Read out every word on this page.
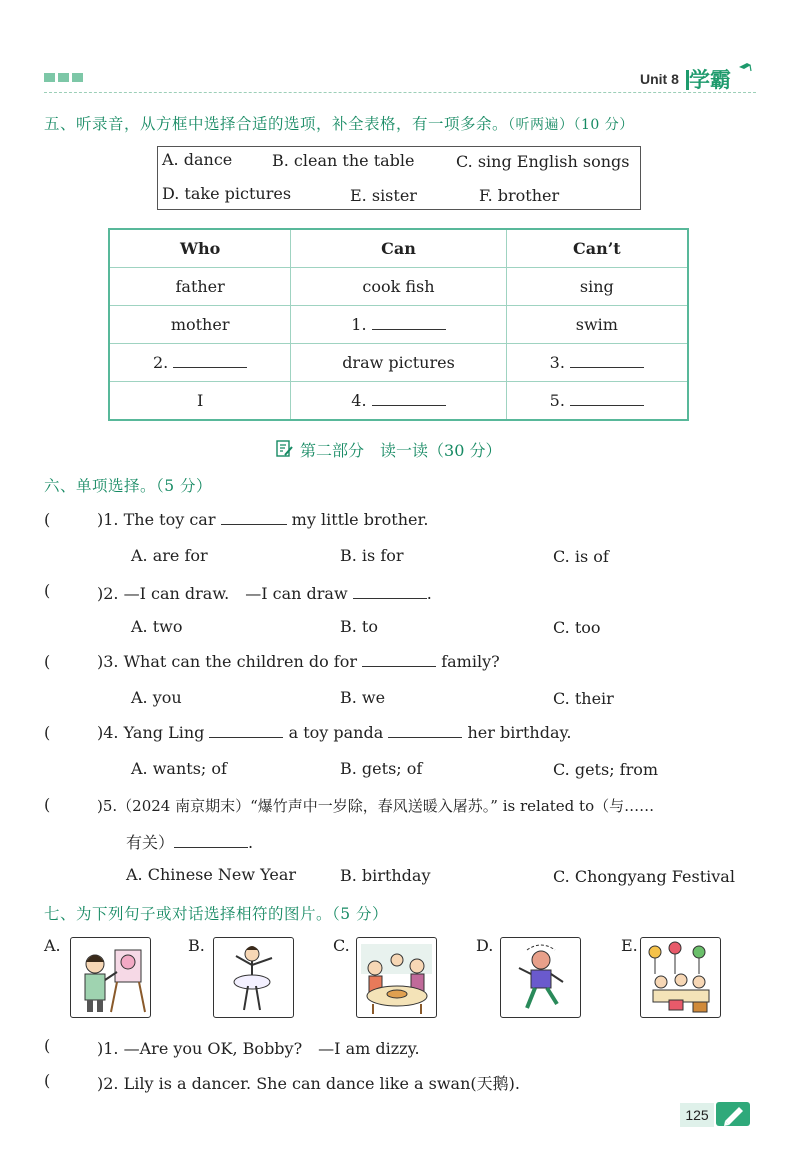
Unit 8 学霸
五、听录音，从方框中选择合适的选项，补全表格，有一项多余。（听两遍）（10 分）
A. dance B. clean the table	C. sing English songs
D. take pictures	E. sister	F. brother
Who	Can	Can’t
father	cook fish	sing
mother	1.	swim
2.	draw pictures	3.
I	4.	5.
第二部分　读一读（30 分）
六、单项选择。（5 分）
(	)1. The toy car	my little brother.
A. are for	B. is for	C. is of
(	)2. —I can draw.　—I can draw	.
A. two	B. to	C. too
(	)3. What can the children do for	family?
A. you	B. we	C. their
(	)4. Yang Ling	a toy panda	her birthday.
A. wants; of	B. gets; of	C. gets; from
(	)5.（2024 南京期末）“爆竹声中一岁除，春风送暖入屠苏。” is related to（与……
有关）	.
A. Chinese New Year	B. birthday	C. Chongyang Festival
七、为下列句子或对话选择相符的图片。（5 分）
A.	B.	C.	D.	E.
(	)1. —Are you OK, Bobby?　—I am dizzy.
(	)2. Lily is a dancer. She can dance like a swan(天鹅).
125
